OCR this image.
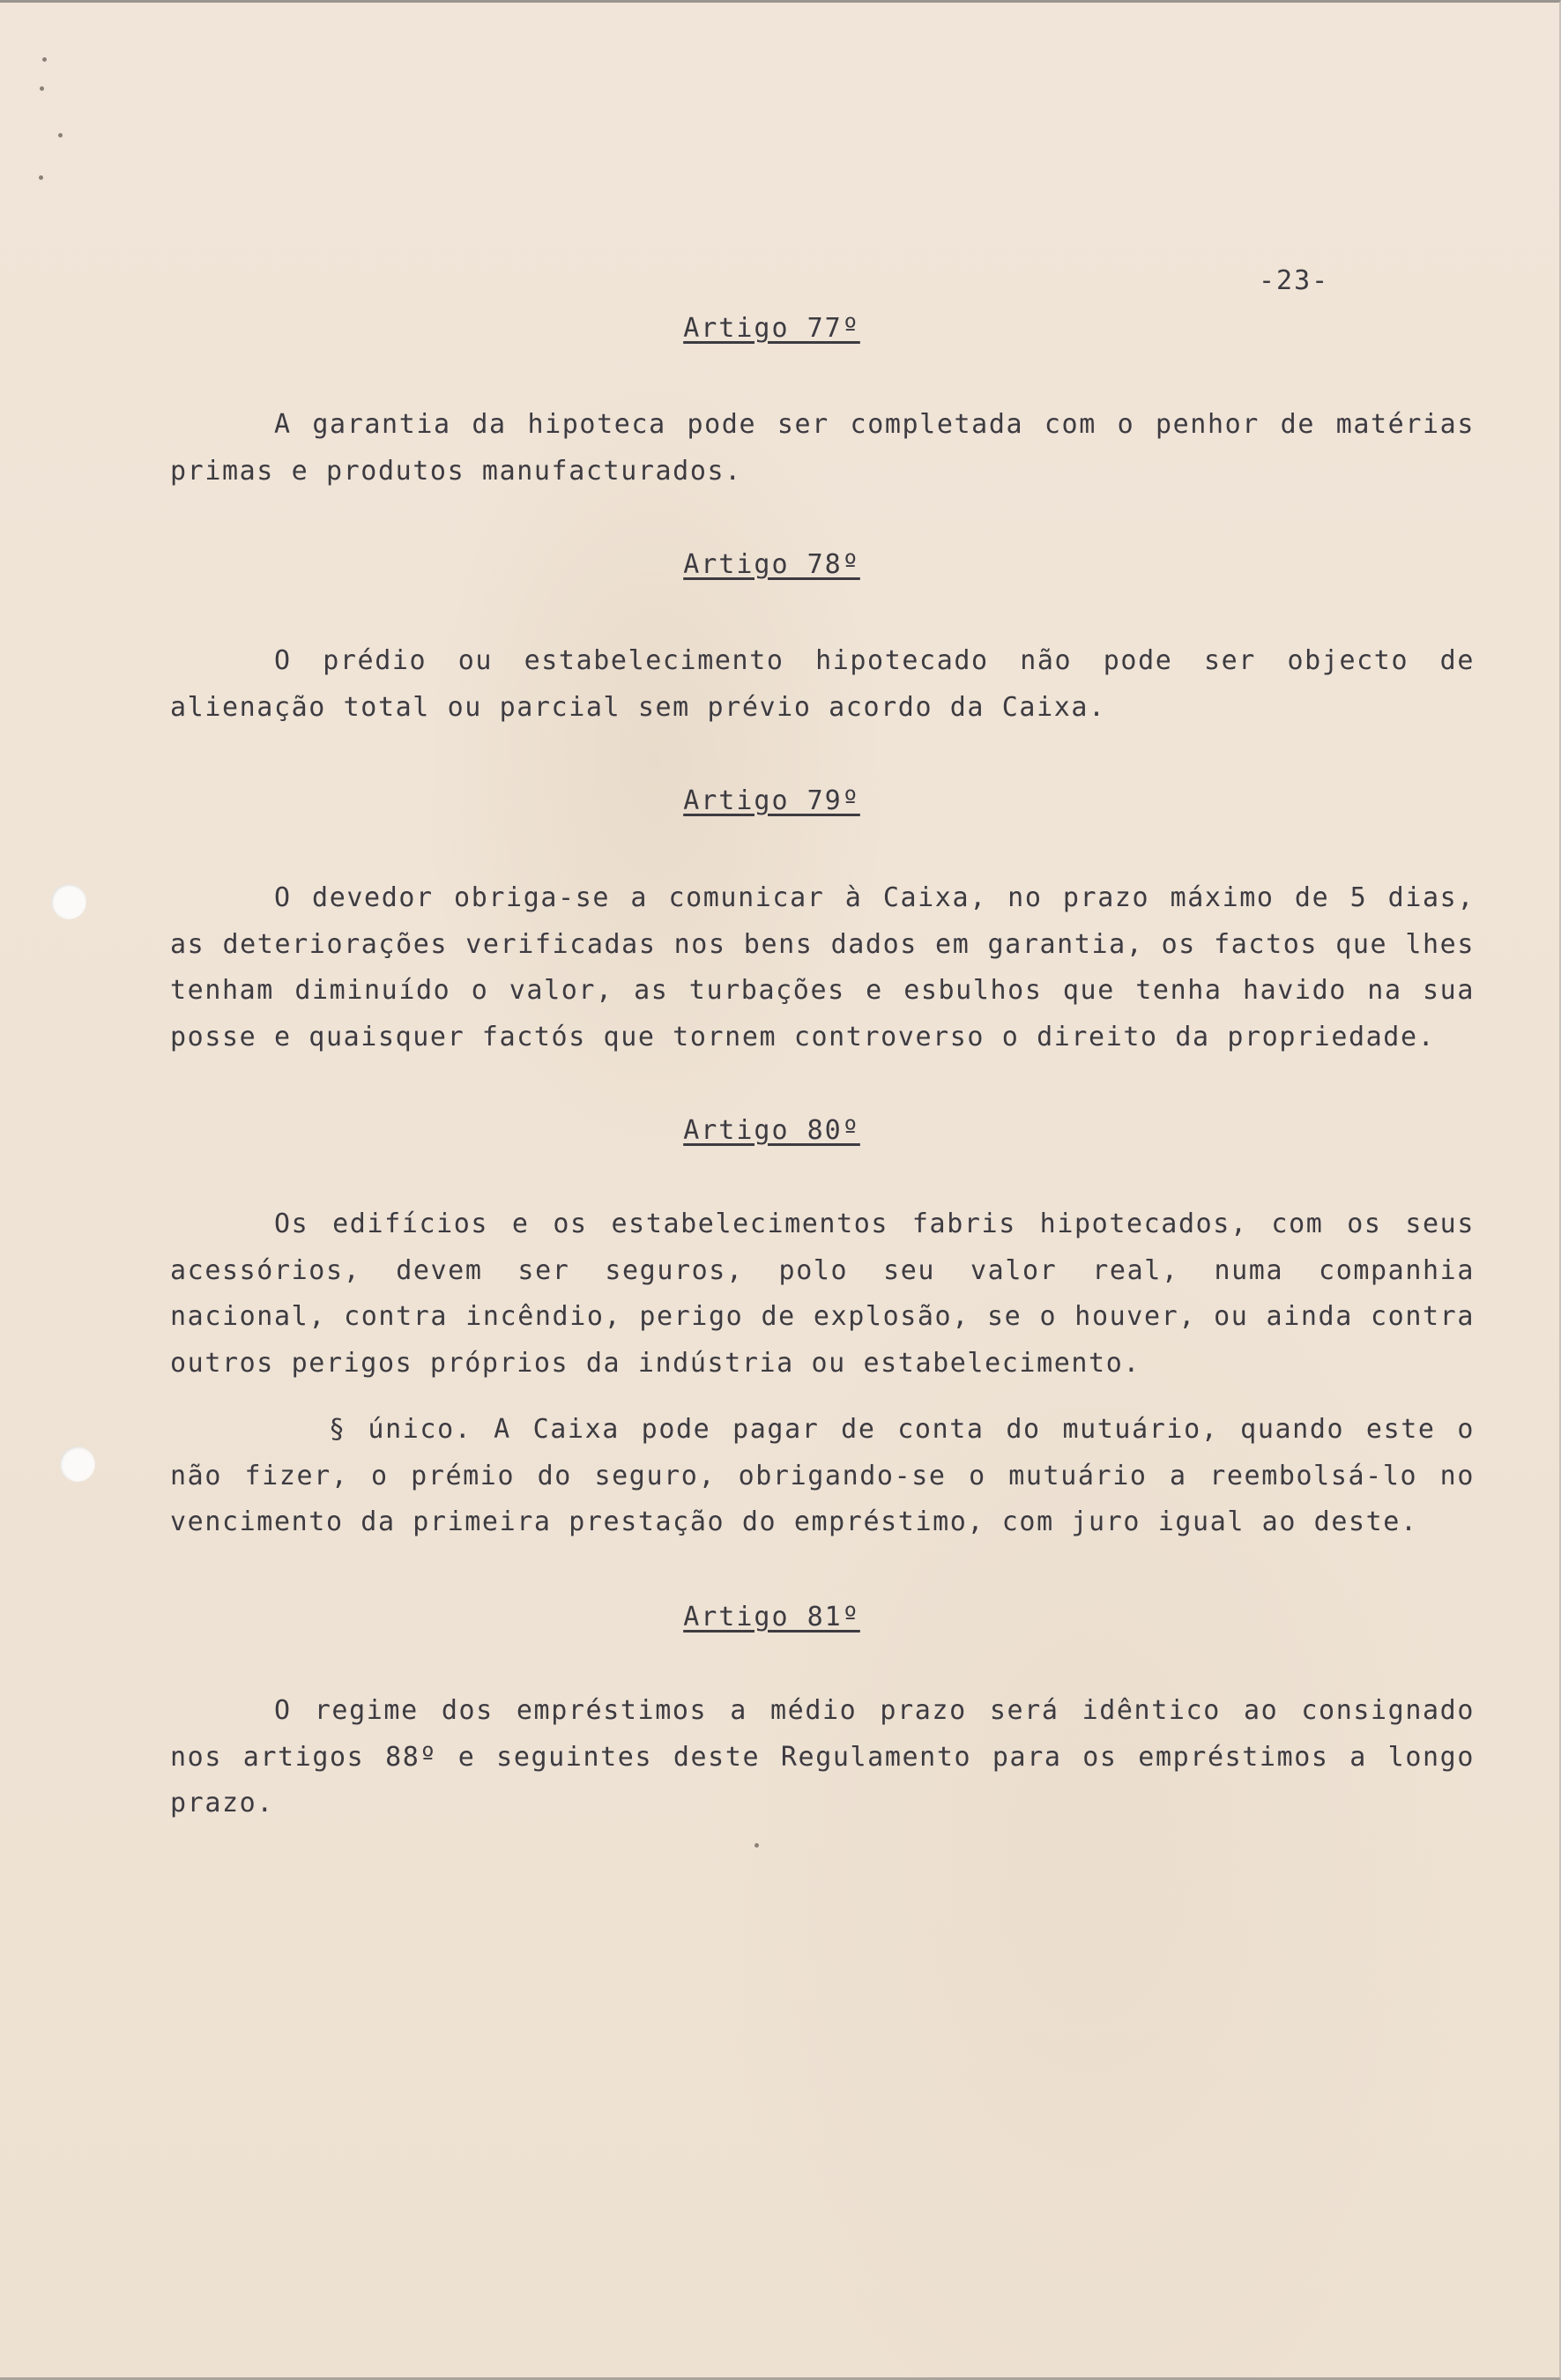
-23-
Artigo 77º
A garantia da hipoteca pode ser completada com o penhor de matérias primas e produtos manufacturados.
Artigo 78º
O prédio ou estabelecimento hipotecado não pode ser objecto de alienação total ou parcial sem prévio acordo da Caixa.
Artigo 79º
O devedor obriga-se a comunicar à Caixa, no prazo máximo de 5 dias, as deteriorações verificadas nos bens dados em garantia, os factos que lhes tenham diminuído o valor, as turbações e esbulhos que tenha havido na sua posse e quaisquer factós que tornem controverso o direito da propriedade.
Artigo 80º
Os edifícios e os estabelecimentos fabris hipotecados, com os seus acessórios, devem ser seguros, polo seu valor real, numa companhia nacional, contra incêndio, perigo de explosão, se o houver, ou ainda contra outros perigos próprios da indústria ou estabelecimento.
§ único. A Caixa pode pagar de conta do mutuário, quando este o não fizer, o prémio do seguro, obrigando-se o mutuário a reembolsá-lo no vencimento da primeira prestação do empréstimo, com juro igual ao deste.
Artigo 81º
O regime dos empréstimos a médio prazo será idêntico ao consignado nos artigos 88º e seguintes deste Regulamento para os empréstimos a longo prazo.
